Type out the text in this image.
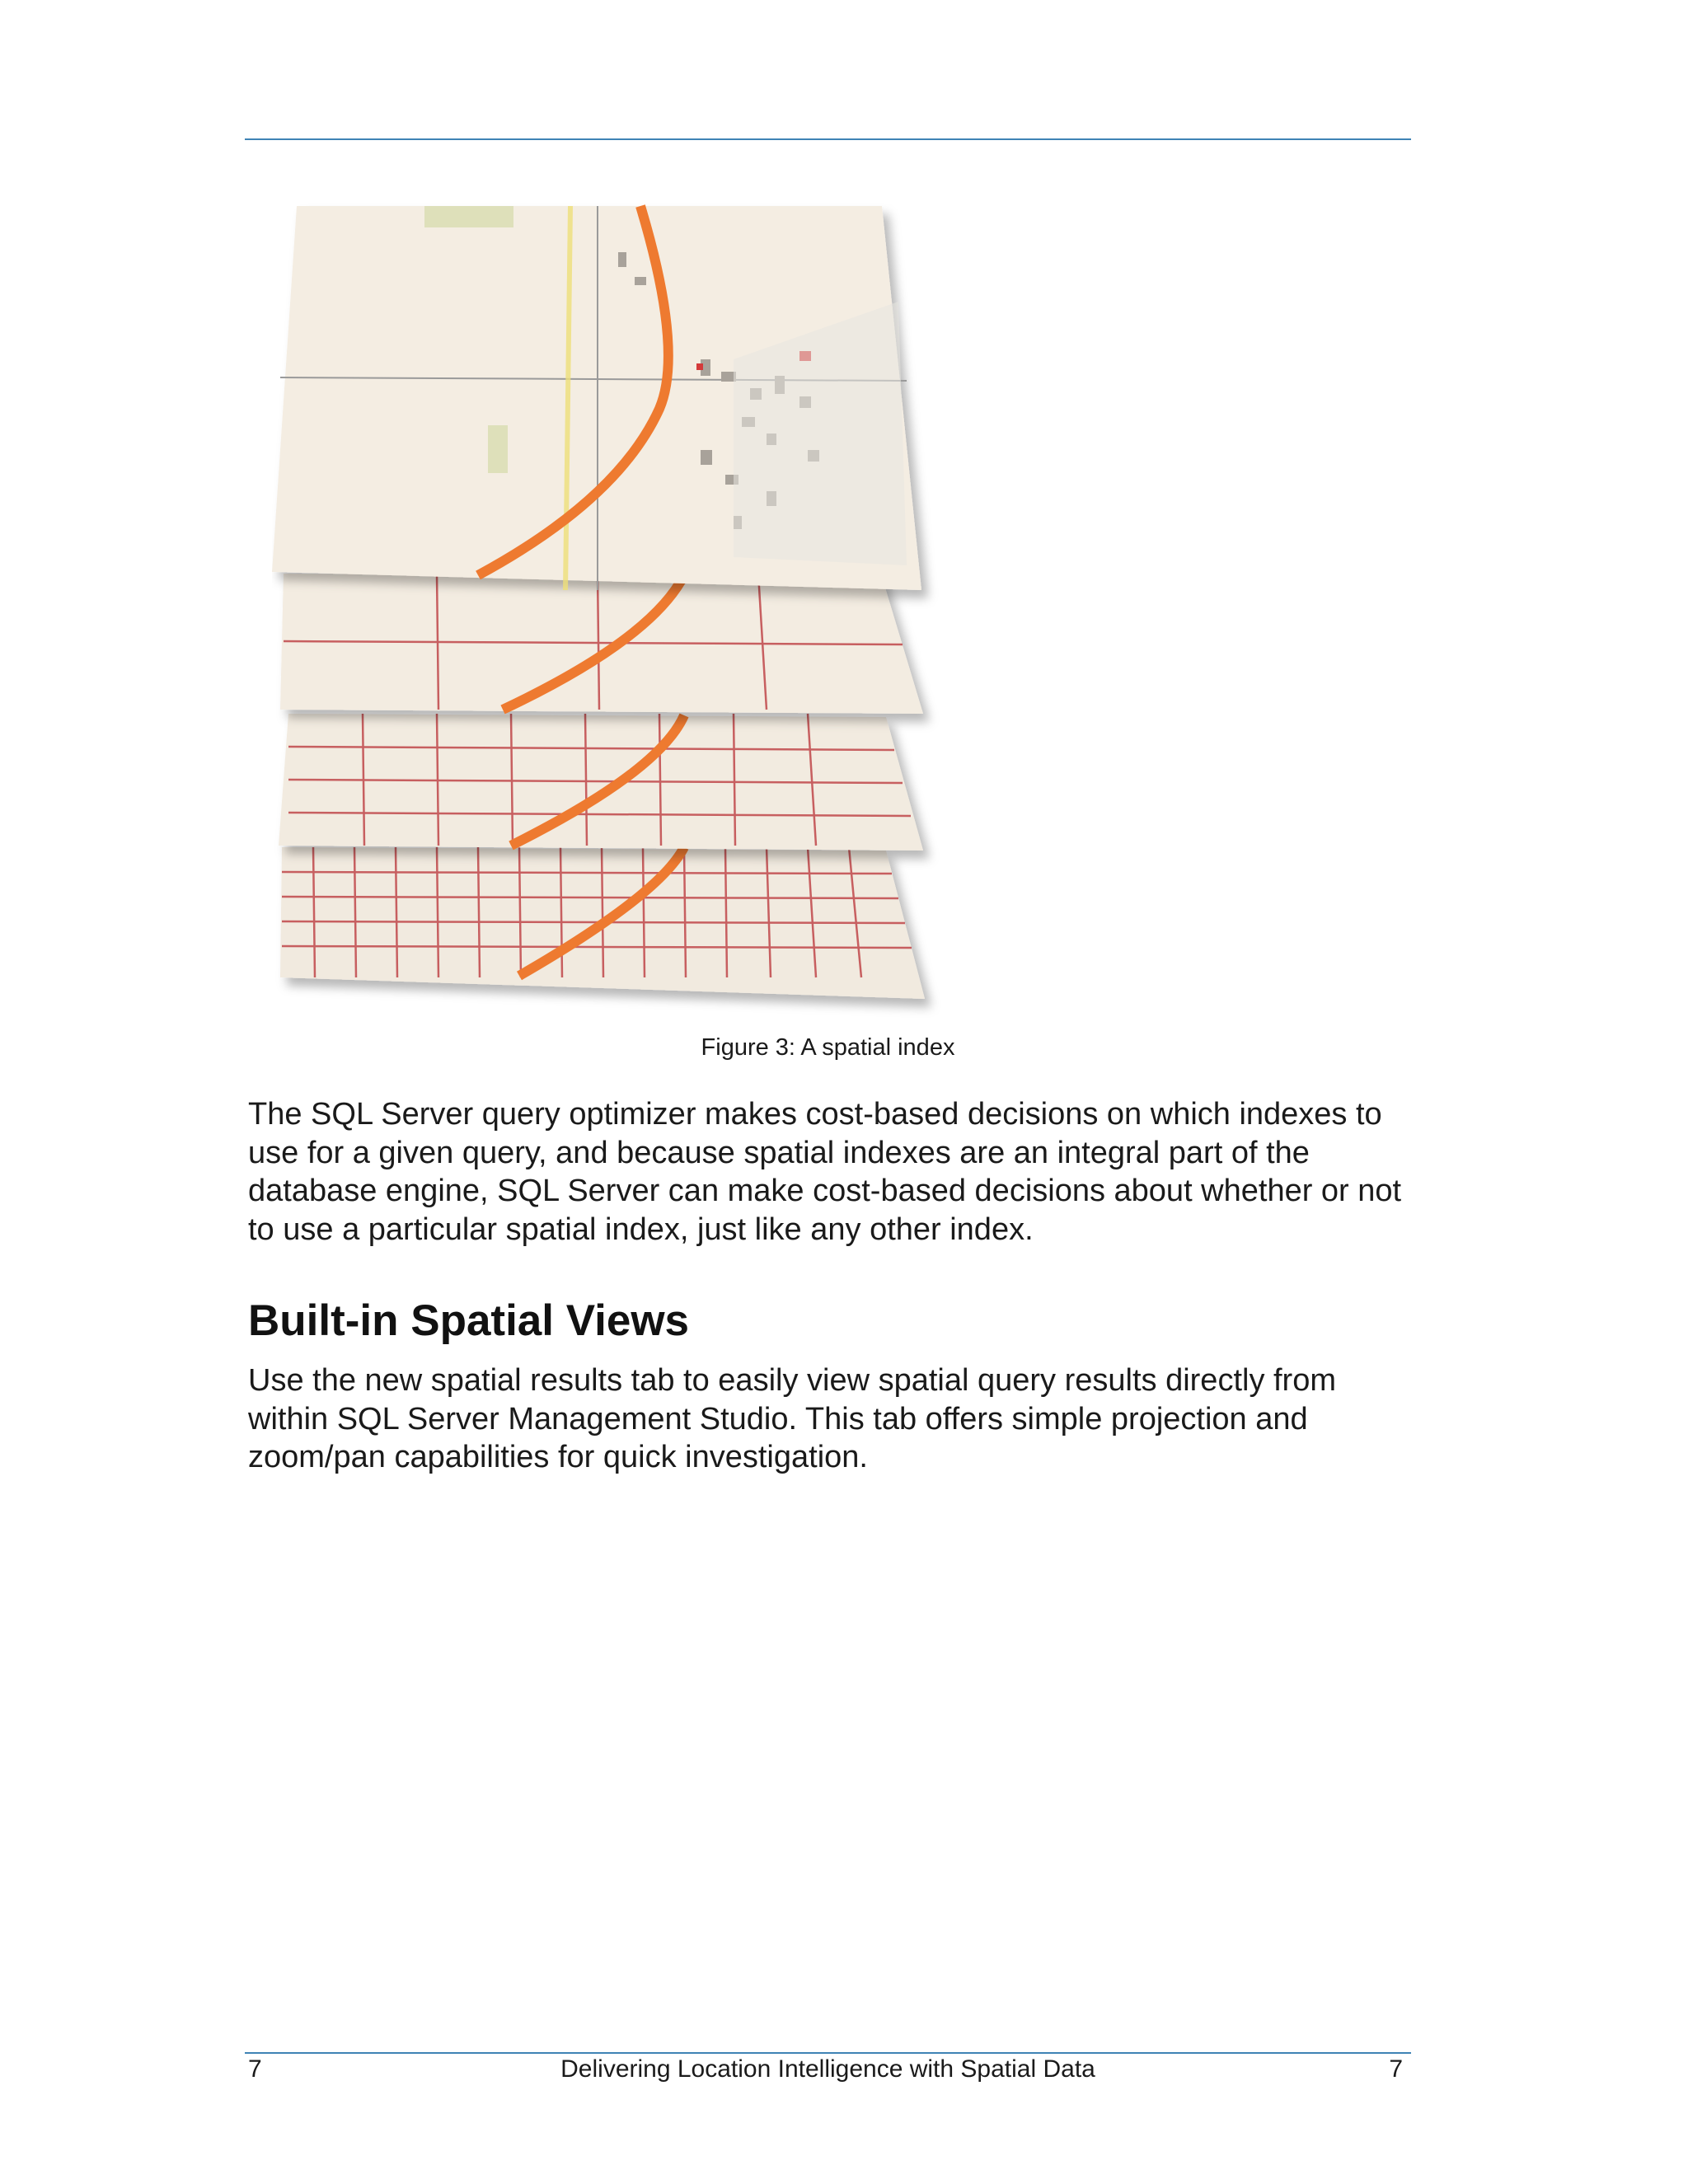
Figure 3: A spatial index

The SQL Server query optimizer makes cost-based decisions on which indexes to use for a given query, and because spatial indexes are an integral part of the database engine, SQL Server can make cost-based decisions about whether or not to use a particular spatial index, just like any other index.

Built-in Spatial Views

Use the new spatial results tab to easily view spatial query results directly from within SQL Server Management Studio. This tab offers simple projection and zoom/pan capabilities for quick investigation.

7	Delivering Location Intelligence with Spatial Data	7
